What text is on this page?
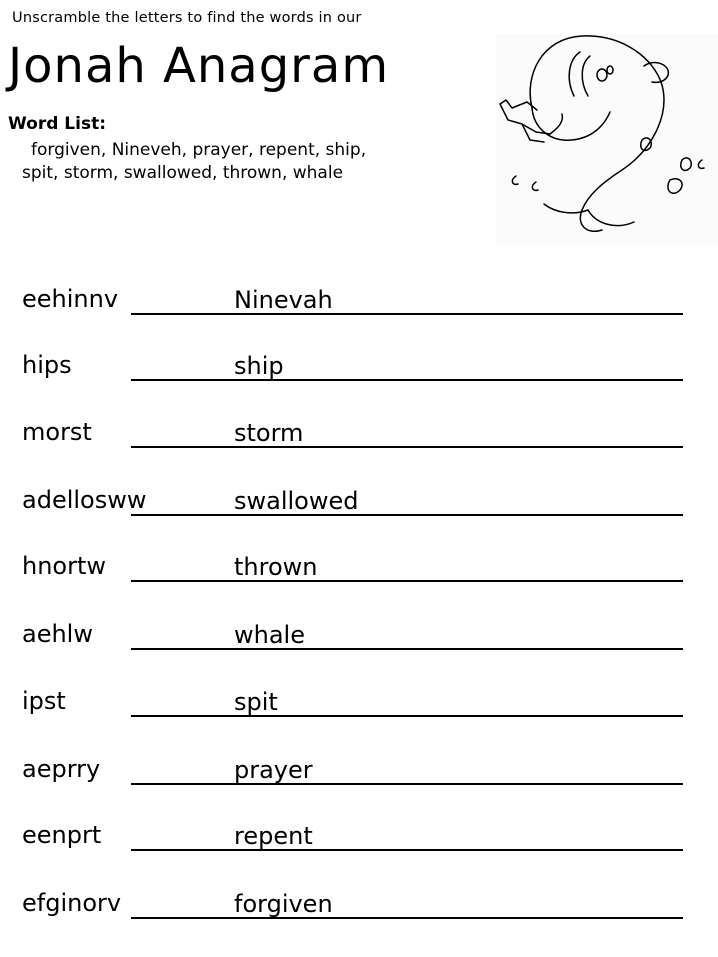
Unscramble the letters to find the words in our
Jonah Anagram
Word List:
forgiven, Nineveh, prayer, repent, ship,
spit, storm, swallowed, thrown, whale
eehinnv	Ninevah
hips	ship
morst	storm
adellosww	swallowed
hnortw	thrown
aehlw	whale
ipst	spit
aeprry	prayer
eenprt	repent
efginorv	forgiven
